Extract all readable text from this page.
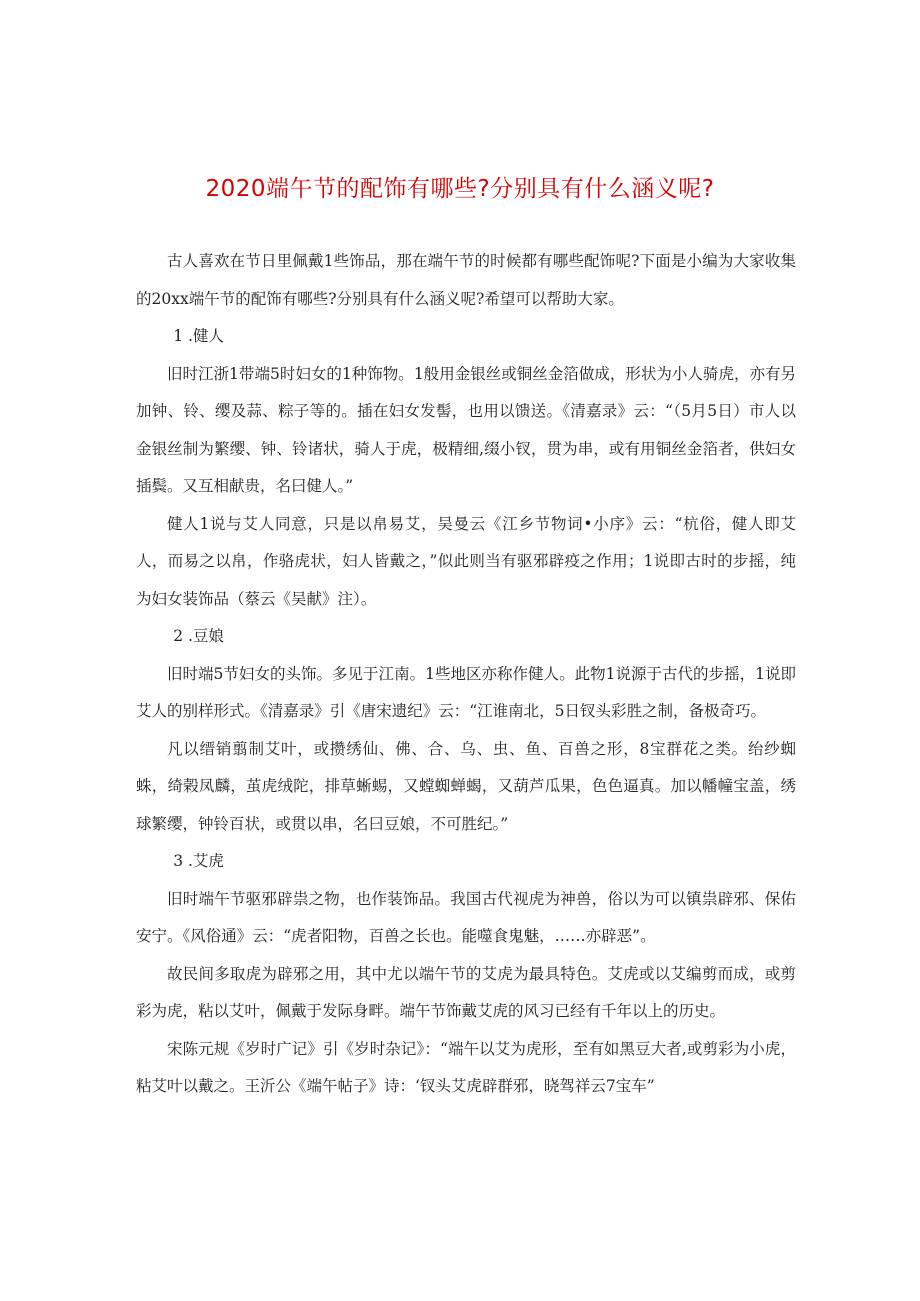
2020端午节的配饰有哪些?分别具有什么涵义呢?

古人喜欢在节日里佩戴1些饰品，那在端午节的时候都有哪些配饰呢?下面是小编为大家收集的20xx端午节的配饰有哪些?分别具有什么涵义呢?希望可以帮助大家。

1 .健人

旧时江浙1带端5时妇女的1种饰物。1般用金银丝或铜丝金箔做成，形状为小人骑虎，亦有另加钟、铃、缨及蒜、粽子等的。插在妇女发髻，也用以馈送。《清嘉录》云：“（5月5日）市人以金银丝制为繁缨、钟、铃诸状，骑人于虎，极精细,缀小钗，贯为串，或有用铜丝金箔者，供妇女插鬓。又互相献贵，名曰健人。”

健人1说与艾人同意，只是以帛易艾，吴曼云《江乡节物词•小序》云：“杭俗，健人即艾人，而易之以帛，作骆虎状，妇人皆戴之，”似此则当有驱邪辟疫之作用；1说即古时的步摇，纯为妇女装饰品（蔡云《吴献》注）。

2 .豆娘

旧时端5节妇女的头饰。多见于江南。1些地区亦称作健人。此物1说源于古代的步摇，1说即艾人的别样形式。《清嘉录》引《唐宋遗纪》云：“江谁南北，5日钗头彩胜之制，备极奇巧。

凡以缙销翦制艾叶，或攒绣仙、佛、合、乌、虫、鱼、百兽之形，8宝群花之类。绐纱蜘蛛，绮榖凤麟，茧虎绒陀，排草蜥蜴，又螳蜘蝉蝎，又葫芦瓜果，色色逼真。加以幡幢宝盖，绣球繁缨，钟铃百状，或贯以串，名曰豆娘，不可胜纪。”

3 .艾虎

旧时端午节驱邪辟祟之物，也作装饰品。我国古代视虎为神兽，俗以为可以镇祟辟邪、保佑安宁。《风俗通》云：“虎者阳物，百兽之长也。能噬食鬼魅，……亦辟恶”。

故民间多取虎为辟邪之用，其中尤以端午节的艾虎为最具特色。艾虎或以艾编剪而成，或剪彩为虎，粘以艾叶，佩戴于发际身畔。端午节饰戴艾虎的风习已经有千年以上的历史。

宋陈元规《岁时广记》引《岁时杂记》：“端午以艾为虎形，至有如黑豆大者,或剪彩为小虎，粘艾叶以戴之。王沂公《端午帖子》诗：‘钗头艾虎辟群邪，晓驾祥云7宝车”
